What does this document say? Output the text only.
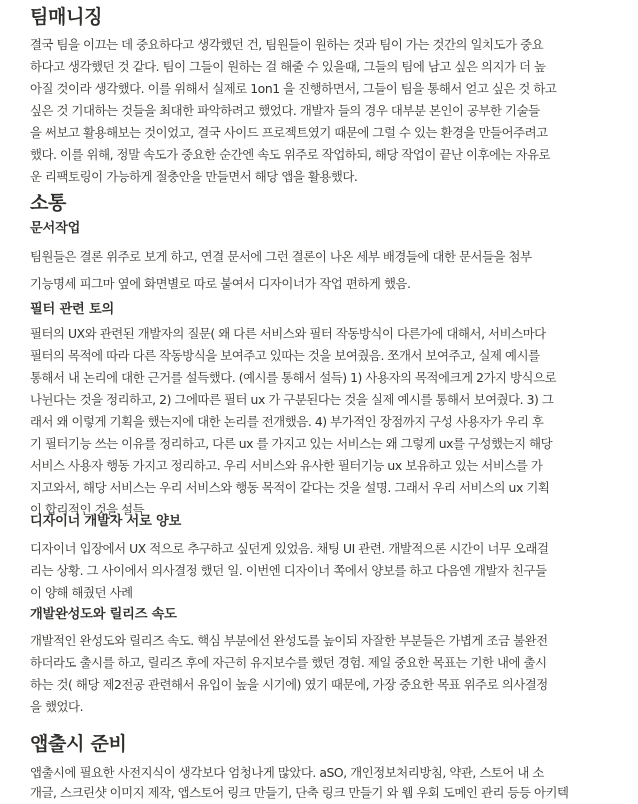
팀매니징

결국 팀을 이끄는 데 중요하다고 생각했던 건, 팀원들이 원하는 것과 팀이 가는 것간의 일치도가 중요

하다고 생각했던 것 같다. 팀이 그들이 원하는 걸 해줄 수 있을때, 그들의 팀에 남고 싶은 의지가 더 높

아질 것이라 생각했다. 이를 위해서 실제로 1on1 을 진행하면서, 그들이 팀을 통해서 얻고 싶은 것 하고

싶은 것 기대하는 것들을 최대한 파악하려고 했었다. 개발자 들의 경우 대부분 본인이 공부한 기술들

을 써보고 활용해보는 것이었고, 결국 사이드 프로젝트였기 때문에 그럴 수 있는 환경을 만들어주려고

했다. 이를 위해, 정말 속도가 중요한 순간엔 속도 위주로 작업하되, 해당 작업이 끝난 이후에는 자유로

운 리팩토링이 가능하게 절충안을 만들면서 해당 앱을 활용했다.

소통
문서작업

팀원들은 결론 위주로 보게 하고, 연결 문서에 그런 결론이 나온 세부 배경들에 대한 문서들을 첨부

기능명세 피그마 옆에 화면별로 따로 붙여서 디자이너가 작업 편하게 했음.

필터 관련 토의

필터의 UX와 관련된 개발자의 질문( 왜 다른 서비스와 필터 작동방식이 다른가에 대해서, 서비스마다

필터의 목적에 따라 다른 작동방식을 보여주고 있따는 것을 보여줬음. 쪼개서 보여주고, 실제 예시를

통해서 내 논리에 대한 근거를 설득했다. (예시를 통해서 설득) 1) 사용자의 목적에크게 2가지 방식으로

나뉜다는 것을 정리하고, 2) 그에따른 필터 ux 가 구분된다는 것을 실제 예시를 통해서 보여줬다. 3) 그

래서 왜 이렇게 기획을 했는지에 대한 논리를 전개했음. 4) 부가적인 장점까지 구성 사용자가 우리 후

기 필터기능 쓰는 이유를 정리하고, 다른 ux 를 가지고 있는 서비스는 왜 그렇게 ux를 구성했는지 해당

서비스 사용자 행동 가지고 정리하고. 우리 서비스와 유사한 필터기능 ux 보유하고 있는 서비스를 가

지고와서, 해당 서비스는 우리 서비스와 행동 목적이 같다는 것을 설명. 그래서 우리 서비스의 ux 기획

이 합리적인 것을 설득

디자이너 개발자 서로 양보

디자이너 입장에서 UX 적으로 추구하고 싶던게 있었음. 채팅 UI 관련. 개발적으론 시간이 너무 오래걸

리는 상황. 그 사이에서 의사결정 했던 일. 이번엔 디자이너 쪽에서 양보를 하고 다음엔 개발자 친구들

이 양해 해줬던 사례

개발완성도와 릴리즈 속도

개발적인 완성도와 릴리즈 속도. 핵심 부분에선 완성도를 높이되 자잘한 부분들은 가볍게 조금 불완전

하더라도 출시를 하고, 릴리즈 후에 자근히 유지보수를 했던 경험. 제일 중요한 목표는 기한 내에 출시

하는 것( 해당 제2전공 관련해서 유입이 높을 시기에) 였기 때문에, 가장 중요한 목표 위주로 의사결정

을 했었다.

앱출시 준비

앱출시에 필요한 사전지식이 생각보다 엄청나게 많았다. aSO, 개인정보처리방침, 약관, 스토어 내 소

개글, 스크린샷 이미지 제작, 앱스토어 링크 만들기, 단축 링크 만들기 와 웹 우회 도메인 관리 등등 아키텍
